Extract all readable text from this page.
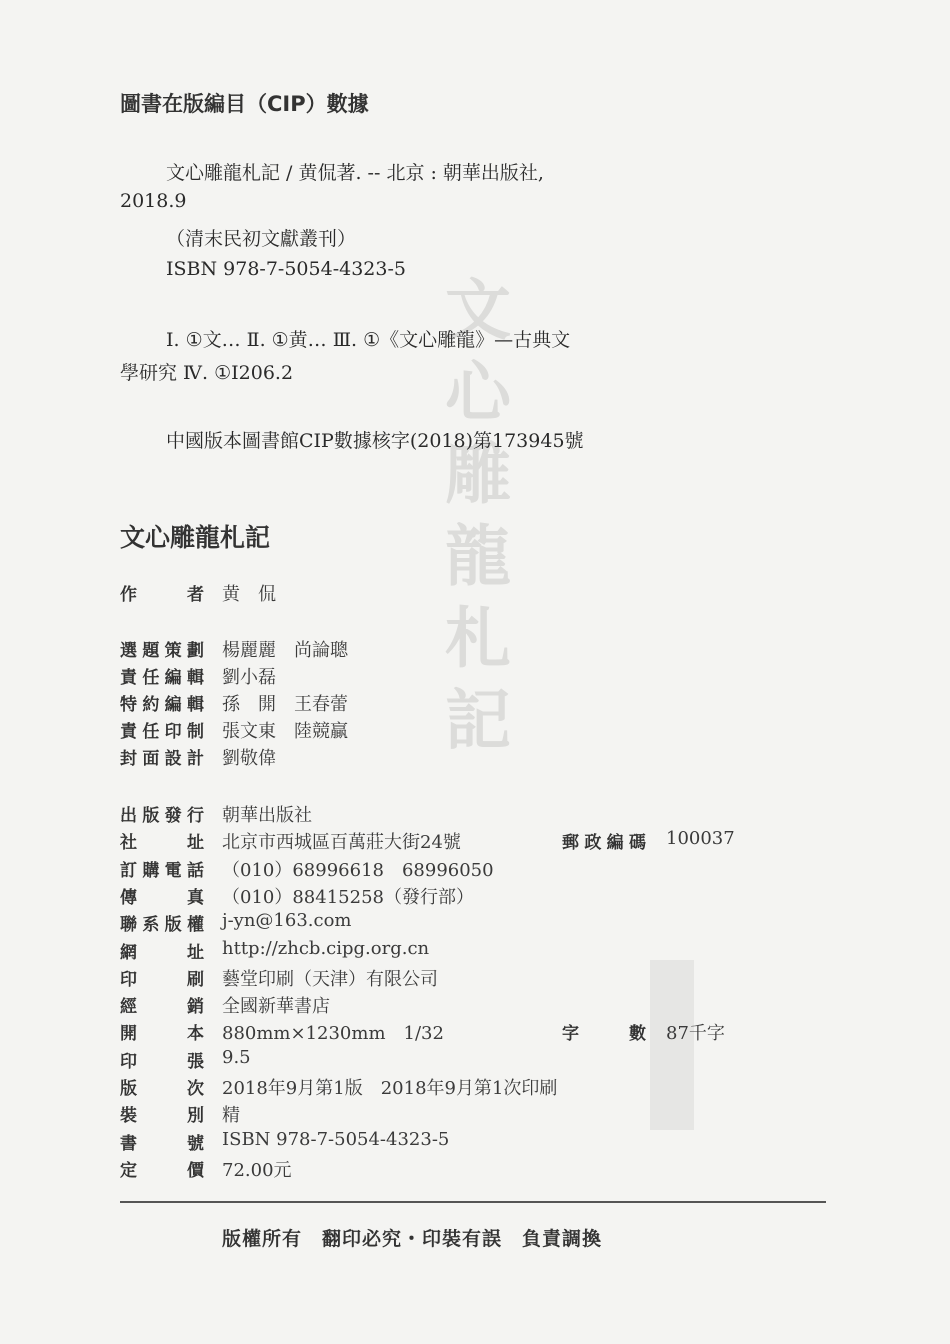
文
心
雕
龍
札
記
圖書在版編目（CIP）數據
文心雕龍札記 / 黄侃著. -- 北京 : 朝華出版社,
2018.9
（清末民初文獻叢刊）
ISBN 978-7-5054-4323-5
Ⅰ. ①文… Ⅱ. ①黄… Ⅲ. ①《文心雕龍》—古典文
學研究 Ⅳ. ①I206.2
中國版本圖書館CIP數據核字(2018)第173945號
文心雕龍札記
作	者 黄　侃
選 題 策 劃 楊麗麗　尚論聰
責 任 編 輯 劉小磊
特 約 編 輯 孫　開　王春蕾
責 任 印 制 張文東　陸競贏
封 面 設 計 劉敬偉
出 版 發 行 朝華出版社
社	址 北京市西城區百萬莊大街24號	郵 政 編 碼 100037
訂 購 電 話 （010）68996618　68996050
傳	真 （010）88415258（發行部）
聯 系 版 權 j-yn@163.com
網	址 http://zhcb.cipg.org.cn
印	刷 藝堂印刷（天津）有限公司
經	銷 全國新華書店
開	本 880mm×1230mm　1/32	字	數 87千字
印	張 9.5
版	次 2018年9月第1版　2018年9月第1次印刷
裝	別 精
書	號 ISBN 978-7-5054-4323-5
定	價 72.00元
版權所有　翻印必究・印裝有誤　負責調換
